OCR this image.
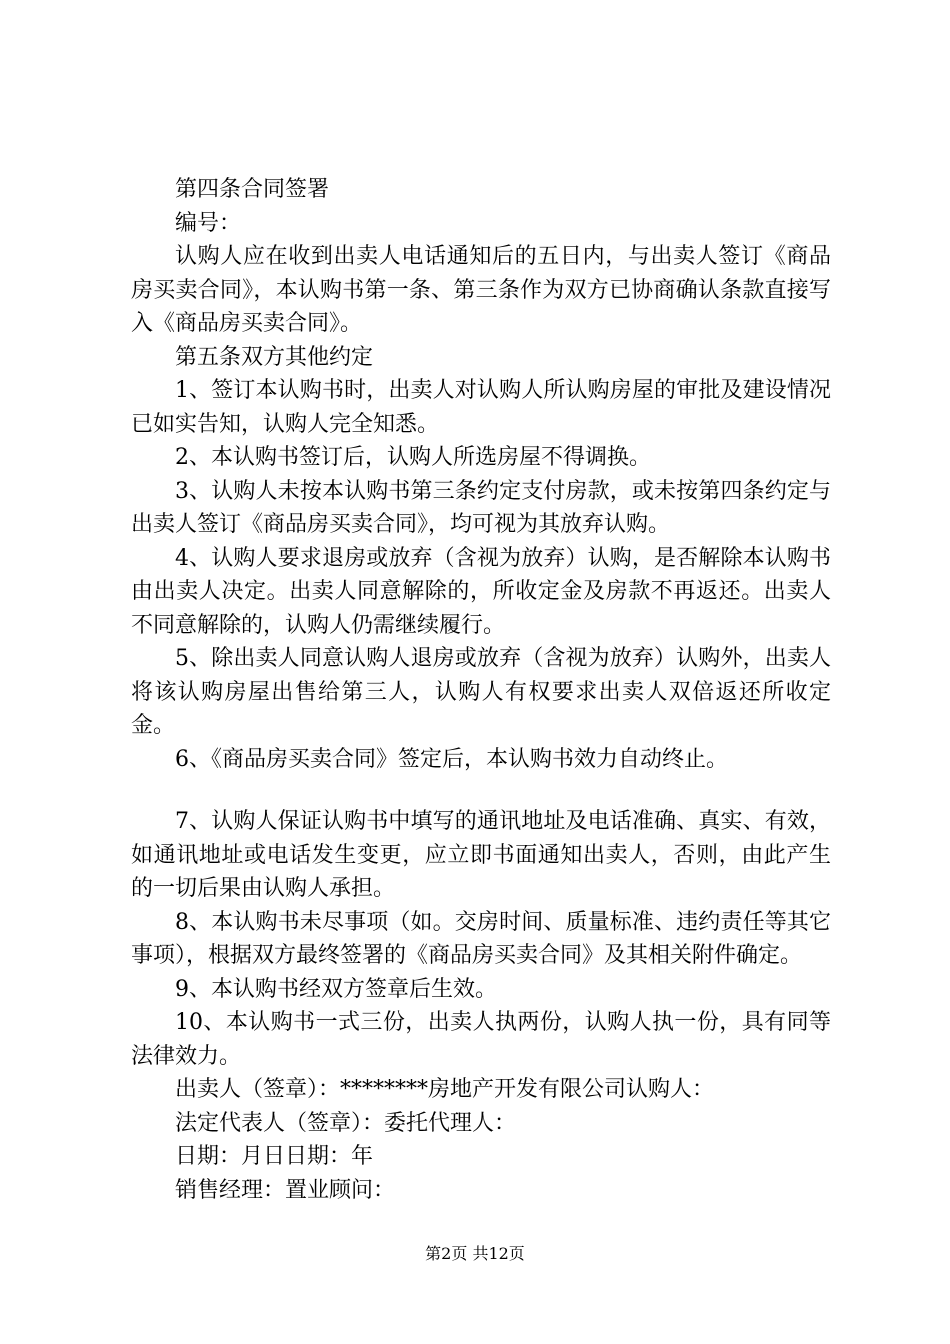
第四条合同签署

编号：

认购人应在收到出卖人电话通知后的五日内，与出卖人签订《商品房买卖合同》，本认购书第一条、第三条作为双方已协商确认条款直接写入《商品房买卖合同》。

第五条双方其他约定

1、签订本认购书时，出卖人对认购人所认购房屋的审批及建设情况已如实告知，认购人完全知悉。

2、本认购书签订后，认购人所选房屋不得调换。

3、认购人未按本认购书第三条约定支付房款，或未按第四条约定与出卖人签订《商品房买卖合同》，均可视为其放弃认购。

4、认购人要求退房或放弃（含视为放弃）认购，是否解除本认购书由出卖人决定。出卖人同意解除的，所收定金及房款不再返还。出卖人不同意解除的，认购人仍需继续履行。

5、除出卖人同意认购人退房或放弃（含视为放弃）认购外，出卖人将该认购房屋出售给第三人，认购人有权要求出卖人双倍返还所收定金。

6、《商品房买卖合同》签定后，本认购书效力自动终止。

7、认购人保证认购书中填写的通讯地址及电话准确、真实、有效，如通讯地址或电话发生变更，应立即书面通知出卖人，否则，由此产生的一切后果由认购人承担。

8、本认购书未尽事项（如。交房时间、质量标准、违约责任等其它事项），根据双方最终签署的《商品房买卖合同》及其相关附件确定。

9、本认购书经双方签章后生效。

10、本认购书一式三份，出卖人执两份，认购人执一份，具有同等法律效力。

出卖人（签章）：********房地产开发有限公司认购人：

法定代表人（签章）：委托代理人：

日期：月日日期：年

销售经理：置业顾问：

第2页 共12页
